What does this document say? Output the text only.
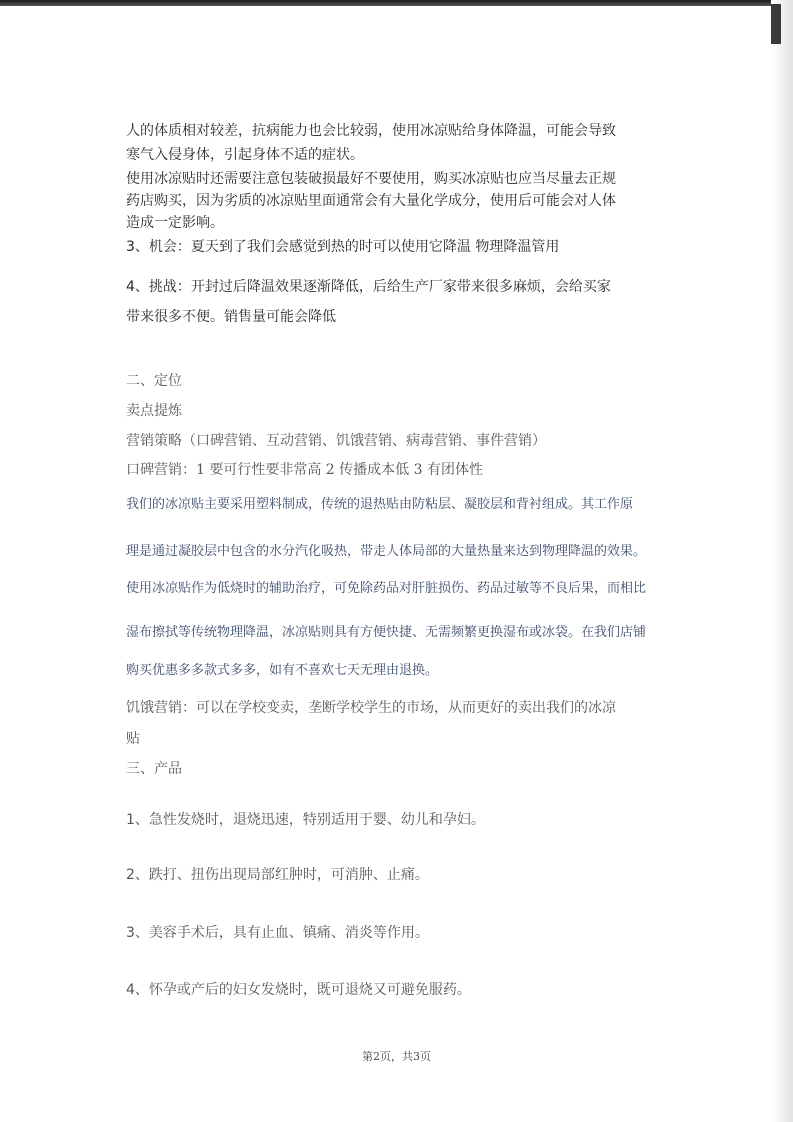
人的体质相对较差，抗病能力也会比较弱，使用冰凉贴给身体降温，可能会导致

寒气入侵身体，引起身体不适的症状。

使用冰凉贴时还需要注意包装破损最好不要使用，购买冰凉贴也应当尽量去正规

药店购买，因为劣质的冰凉贴里面通常会有大量化学成分，使用后可能会对人体

造成一定影响。

3、机会：夏天到了我们会感觉到热的时可以使用它降温 物理降温管用

4、挑战：开封过后降温效果逐渐降低，后给生产厂家带来很多麻烦，会给买家

带来很多不便。销售量可能会降低

二、定位

卖点提炼

营销策略（口碑营销、互动营销、饥饿营销、病毒营销、事件营销）

口碑营销：1 要可行性要非常高 2 传播成本低 3 有团体性

我们的冰凉贴主要采用塑料制成，传统的退热贴由防粘层、凝胶层和背衬组成。其工作原

理是通过凝胶层中包含的水分汽化吸热，带走人体局部的大量热量来达到物理降温的效果。

使用冰凉贴作为低烧时的辅助治疗，可免除药品对肝脏损伤、药品过敏等不良后果，而相比

湿布擦拭等传统物理降温，冰凉贴则具有方便快捷、无需频繁更换湿布或冰袋。在我们店铺

购买优惠多多款式多多，如有不喜欢七天无理由退换。

饥饿营销：可以在学校变卖，垄断学校学生的市场，从而更好的卖出我们的冰凉

贴

三、产品

1、急性发烧时，退烧迅速，特别适用于婴、幼儿和孕妇。

2、跌打、扭伤出现局部红肿时，可消肿、止痛。

3、美容手术后，具有止血、镇痛、消炎等作用。

4、怀孕或产后的妇女发烧时，既可退烧又可避免服药。

第2页，共3页
